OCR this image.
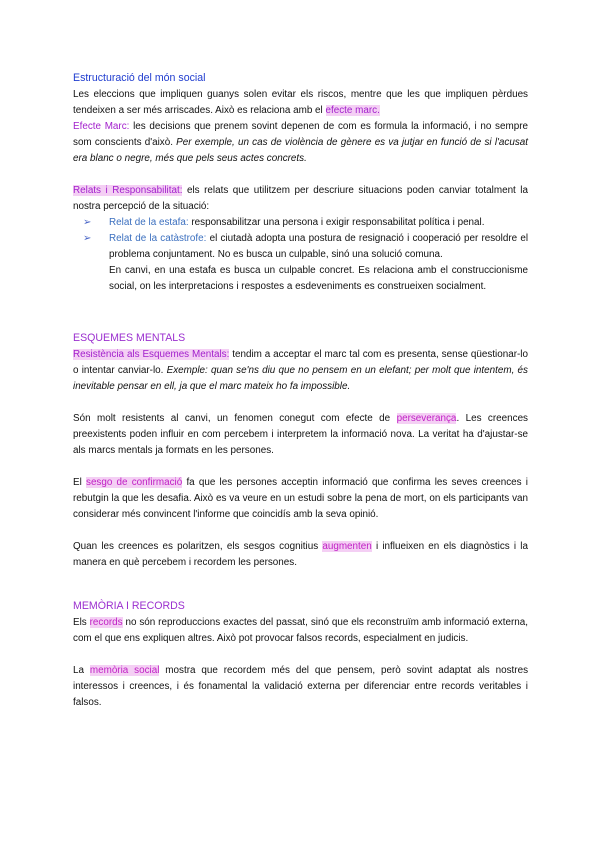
Estructuració del món social

Les eleccions que impliquen guanys solen evitar els riscos, mentre que les que impliquen pèrdues tendeixen a ser més arriscades. Això es relaciona amb el efecte marc.

Efecte Marc: les decisions que prenem sovint depenen de com es formula la informació, i no sempre som conscients d'això. Per exemple, un cas de violència de gènere es va jutjar en funció de si l'acusat era blanc o negre, més que pels seus actes concrets.

Relats i Responsabilitat: els relats que utilitzem per descriure situacions poden canviar totalment la nostra percepció de la situació:

➢ Relat de la estafa: responsabilitzar una persona i exigir responsabilitat política i penal.
➢ Relat de la catàstrofe: el ciutadà adopta una postura de resignació i cooperació per resoldre el problema conjuntament. No es busca un culpable, sinó una solució comuna.

En canvi, en una estafa es busca un culpable concret. Es relaciona amb el construccionisme social, on les interpretacions i respostes a esdeveniments es construeixen socialment.

ESQUEMES MENTALS

Resistència als Esquemes Mentals: tendim a acceptar el marc tal com es presenta, sense qüestionar-lo o intentar canviar-lo. Exemple: quan se'ns diu que no pensem en un elefant; per molt que intentem, és inevitable pensar en ell, ja que el marc mateix ho fa impossible.

Són molt resistents al canvi, un fenomen conegut com efecte de perseverança. Les creences preexistents poden influir en com percebem i interpretem la informació nova. La veritat ha d'ajustar-se als marcs mentals ja formats en les persones.

El sesgo de confirmació fa que les persones acceptin informació que confirma les seves creences i rebutgin la que les desafia. Això es va veure en un estudi sobre la pena de mort, on els participants van considerar més convincent l'informe que coincidís amb la seva opinió.

Quan les creences es polaritzen, els sesgos cognitius augmenten i influeixen en els diagnòstics i la manera en què percebem i recordem les persones.

MEMÒRIA I RECORDS

Els records no són reproduccions exactes del passat, sinó que els reconstruïm amb informació externa, com el que ens expliquen altres. Això pot provocar falsos records, especialment en judicis.

La memòria social mostra que recordem més del que pensem, però sovint adaptat als nostres interessos i creences, i és fonamental la validació externa per diferenciar entre records veritables i falsos.
